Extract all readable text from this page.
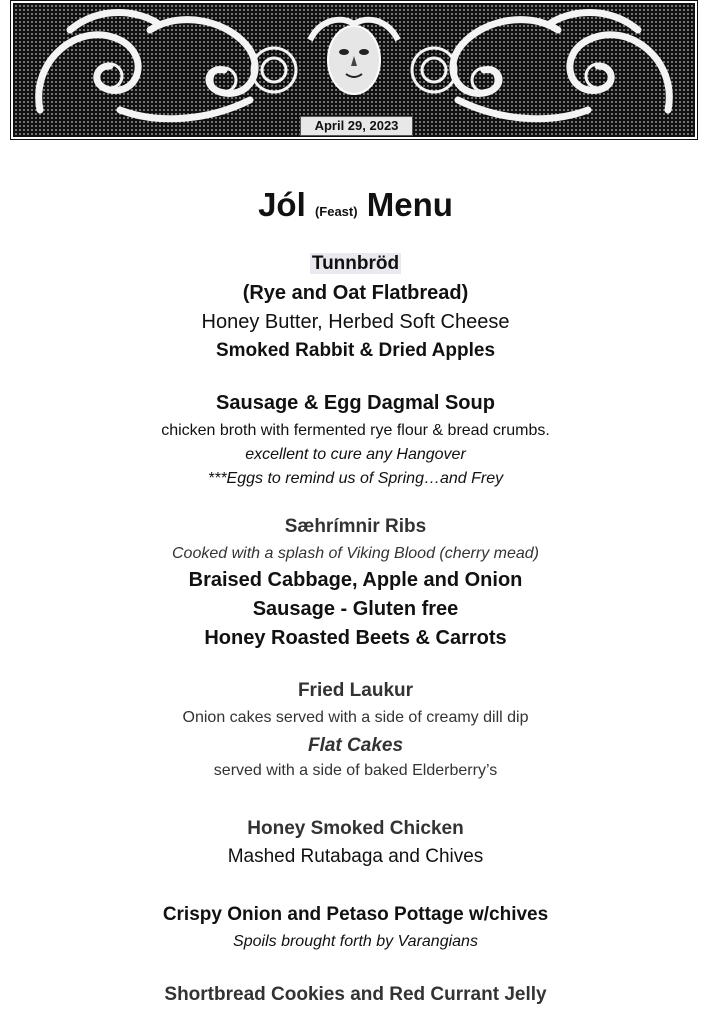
April 29, 2023
Jól (Feast) Menu
Tunnbröd
(Rye and Oat Flatbread)
Honey Butter, Herbed Soft Cheese
Smoked Rabbit & Dried Apples
Sausage & Egg Dagmal Soup
chicken broth with fermented rye flour & bread crumbs.
excellent to cure any Hangover
***Eggs to remind us of Spring…and Frey
Sæhrímnir Ribs
Cooked with a splash of Viking Blood (cherry mead)
Braised Cabbage, Apple and Onion
Sausage - Gluten free
Honey Roasted Beets & Carrots
Fried Laukur
Onion cakes served with a side of creamy dill dip
Flat Cakes
served with a side of baked Elderberry’s
Honey Smoked Chicken
Mashed Rutabaga and Chives
Crispy Onion and Petaso Pottage w/chives
Spoils brought forth by Varangians
Shortbread Cookies and Red Currant Jelly
